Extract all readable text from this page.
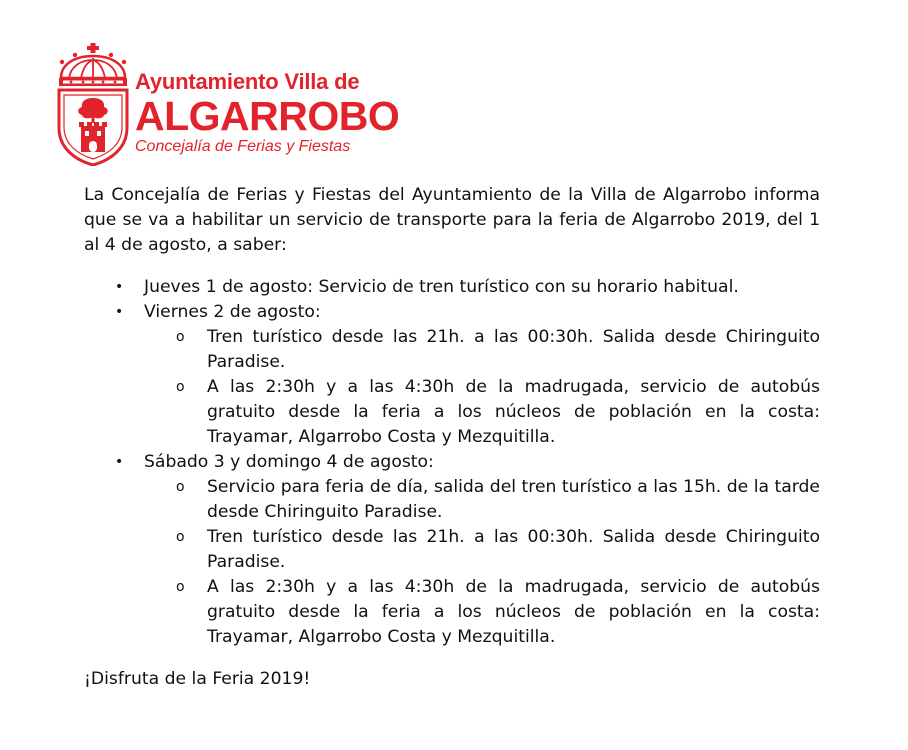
Ayuntamiento Villa de
ALGARROBO
Concejalía de Ferias y Fiestas

La Concejalía de Ferias y Fiestas del Ayuntamiento de la Villa de Algarrobo informa que se va a habilitar un servicio de transporte para la feria de Algarrobo 2019, del 1 al 4 de agosto, a saber:

• Jueves 1 de agosto: Servicio de tren turístico con su horario habitual.
• Viernes 2 de agosto:
o Tren turístico desde las 21h. a las 00:30h. Salida desde Chiringuito Paradise.
o A las 2:30h y a las 4:30h de la madrugada, servicio de autobús gratuito desde la feria a los núcleos de población en la costa: Trayamar, Algarrobo Costa y Mezquitilla.
• Sábado 3 y domingo 4 de agosto:
o Servicio para feria de día, salida del tren turístico a las 15h. de la tarde desde Chiringuito Paradise.
o Tren turístico desde las 21h. a las 00:30h. Salida desde Chiringuito Paradise.
o A las 2:30h y a las 4:30h de la madrugada, servicio de autobús gratuito desde la feria a los núcleos de población en la costa: Trayamar, Algarrobo Costa y Mezquitilla.

¡Disfruta de la Feria 2019!
